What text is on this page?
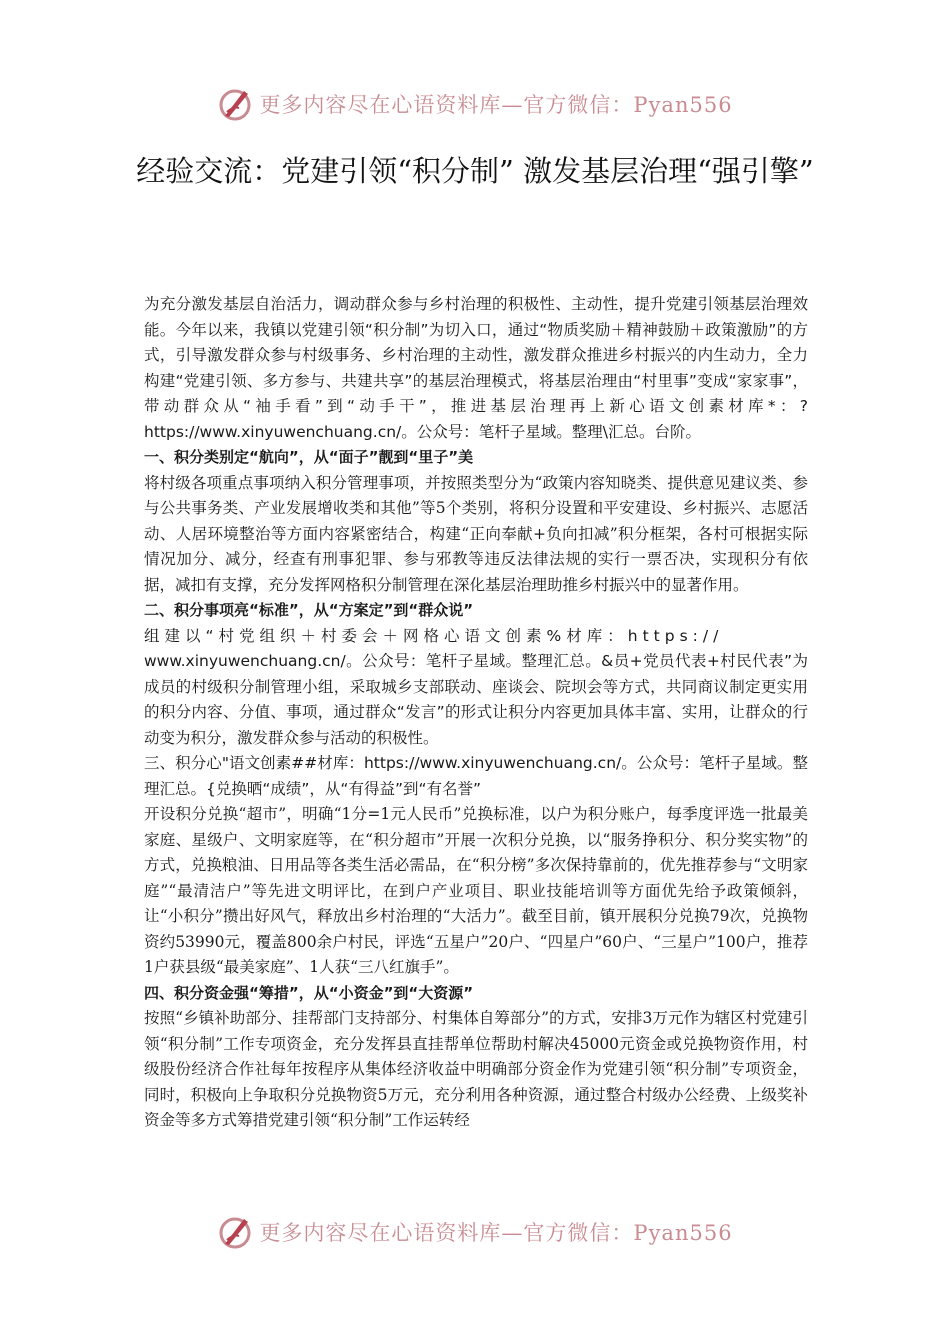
更多内容尽在心语资料库—官方微信：Pyan556
经验交流：党建引领“积分制” 激发基层治理“强引擎”

为充分激发基层自治活力，调动群众参与乡村治理的积极性、主动性，提升党建引领基层治理效能。今年以来，我镇以党建引领“积分制”为切入口，通过“物质奖励＋精神鼓励＋政策激励”的方式，引导激发群众参与村级事务、乡村治理的主动性，激发群众推进乡村振兴的内生动力，全力构建“党建引领、多方参与、共建共享”的基层治理模式，将基层治理由“村里事”变成“家家事”，带动群众从“袖手看”到“动手干”，推进基层治理再上新心语文创素材库*：?https://www.xinyuwenchuang.cn/。公众号：笔杆子星域。整理\汇总。台阶。

一、积分类别定“航向”，从“面子”靓到“里子”美

将村级各项重点事项纳入积分管理事项，并按照类型分为“政策内容知晓类、提供意见建议类、参与公共事务类、产业发展增收类和其他”等5个类别，将积分设置和平安建设、乡村振兴、志愿活动、人居环境整治等方面内容紧密结合，构建“正向奉献+负向扣减”积分框架，各村可根据实际情况加分、减分，经查有刑事犯罪、参与邪教等违反法律法规的实行一票否决，实现积分有依据，减扣有支撑，充分发挥网格积分制管理在深化基层治理助推乡村振兴中的显著作用。

二、积分事项亮“标准”，从“方案定”到“群众说”

组建以“村党组织＋村委会＋网格心语文创素%材库：https://

www.xinyuwenchuang.cn/。公众号：笔杆子星域。整理汇总。&员+党员代表+村民代表”为成员的村级积分制管理小组，采取城乡支部联动、座谈会、院坝会等方式，共同商议制定更实用的积分内容、分值、事项，通过群众“发言”的形式让积分内容更加具体丰富、实用，让群众的行动变为积分，激发群众参与活动的积极性。

三、积分心"语文创素##材库：https://www.xinyuwenchuang.cn/。公众号：笔杆子星域。整理汇总。{兑换晒“成绩”，从“有得益”到“有名誉”

开设积分兑换“超市”，明确“1分=1元人民币”兑换标准，以户为积分账户，每季度评选一批最美家庭、星级户、文明家庭等，在“积分超市”开展一次积分兑换，以“服务挣积分、积分奖实物”的方式，兑换粮油、日用品等各类生活必需品，在“积分榜”多次保持靠前的，优先推荐参与“文明家庭”“最清洁户”等先进文明评比，在到户产业项目、职业技能培训等方面优先给予政策倾斜，让“小积分”攒出好风气，释放出乡村治理的“大活力”。截至目前，镇开展积分兑换79次，兑换物资约53990元，覆盖800余户村民，评选“五星户”20户、“四星户”60户、“三星户”100户，推荐1户获县级“最美家庭”、1人获“三八红旗手”。

四、积分资金强“筹措”，从“小资金”到“大资源”

按照“乡镇补助部分、挂帮部门支持部分、村集体自筹部分”的方式，安排3万元作为辖区村党建引领“积分制”工作专项资金，充分发挥县直挂帮单位帮助村解决45000元资金或兑换物资作用，村级股份经济合作社每年按程序从集体经济收益中明确部分资金作为党建引领“积分制”专项资金，同时，积极向上争取积分兑换物资5万元，充分利用各种资源，通过整合村级办公经费、上级奖补资金等多方式筹措党建引领“积分制”工作运转经

更多内容尽在心语资料库—官方微信：Pyan556
